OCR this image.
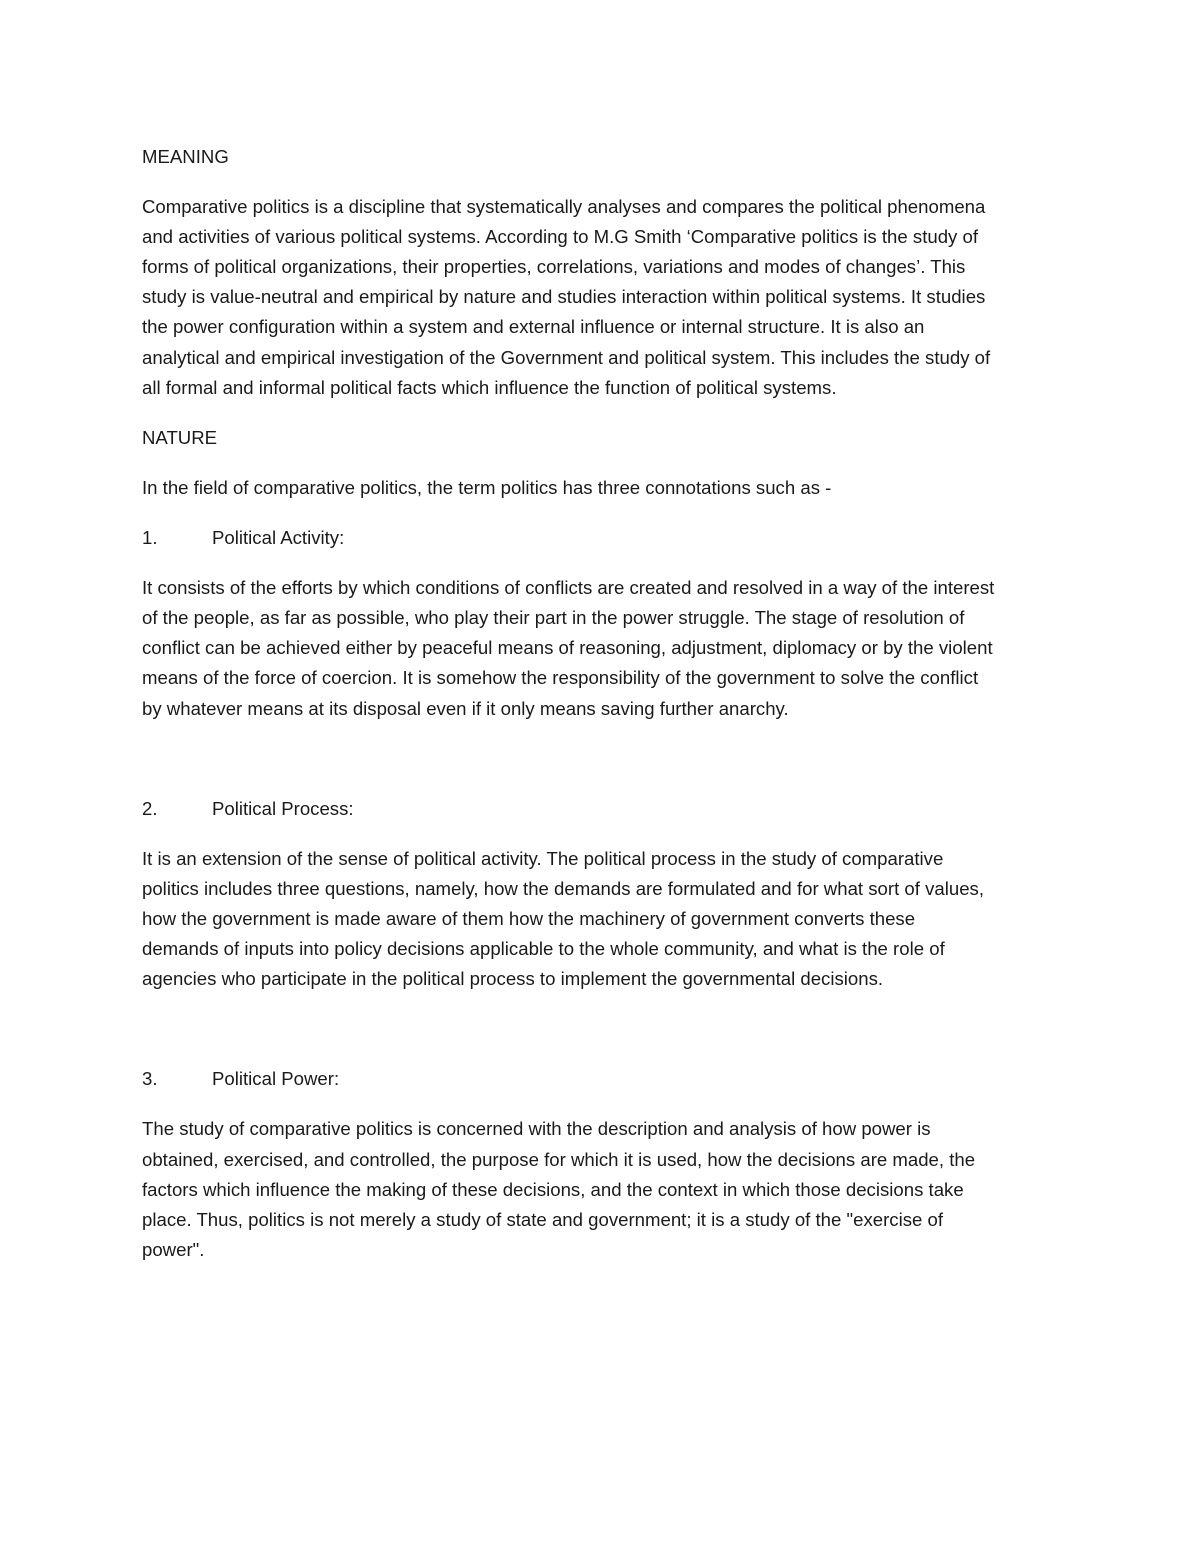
MEANING
Comparative politics is a discipline that systematically analyses and compares the political phenomena
and activities of various political systems. According to M.G Smith ‘Comparative politics is the study of
forms of political organizations, their properties, correlations, variations and modes of changes’. This
study is value-neutral and empirical by nature and studies interaction within political systems. It studies
the power configuration within a system and external influence or internal structure. It is also an
analytical and empirical investigation of the Government and political system. This includes the study of
all formal and informal political facts which influence the function of political systems.
NATURE
In the field of comparative politics, the term politics has three connotations such as -
1.	Political Activity:
It consists of the efforts by which conditions of conflicts are created and resolved in a way of the interest
of the people, as far as possible, who play their part in the power struggle. The stage of resolution of
conflict can be achieved either by peaceful means of reasoning, adjustment, diplomacy or by the violent
means of the force of coercion. It is somehow the responsibility of the government to solve the conflict
by whatever means at its disposal even if it only means saving further anarchy.
2.	Political Process:
It is an extension of the sense of political activity. The political process in the study of comparative
politics includes three questions, namely, how the demands are formulated and for what sort of values,
how the government is made aware of them how the machinery of government converts these
demands of inputs into policy decisions applicable to the whole community, and what is the role of
agencies who participate in the political process to implement the governmental decisions.
3.	Political Power:
The study of comparative politics is concerned with the description and analysis of how power is
obtained, exercised, and controlled, the purpose for which it is used, how the decisions are made, the
factors which influence the making of these decisions, and the context in which those decisions take
place. Thus, politics is not merely a study of state and government; it is a study of the "exercise of
power".
